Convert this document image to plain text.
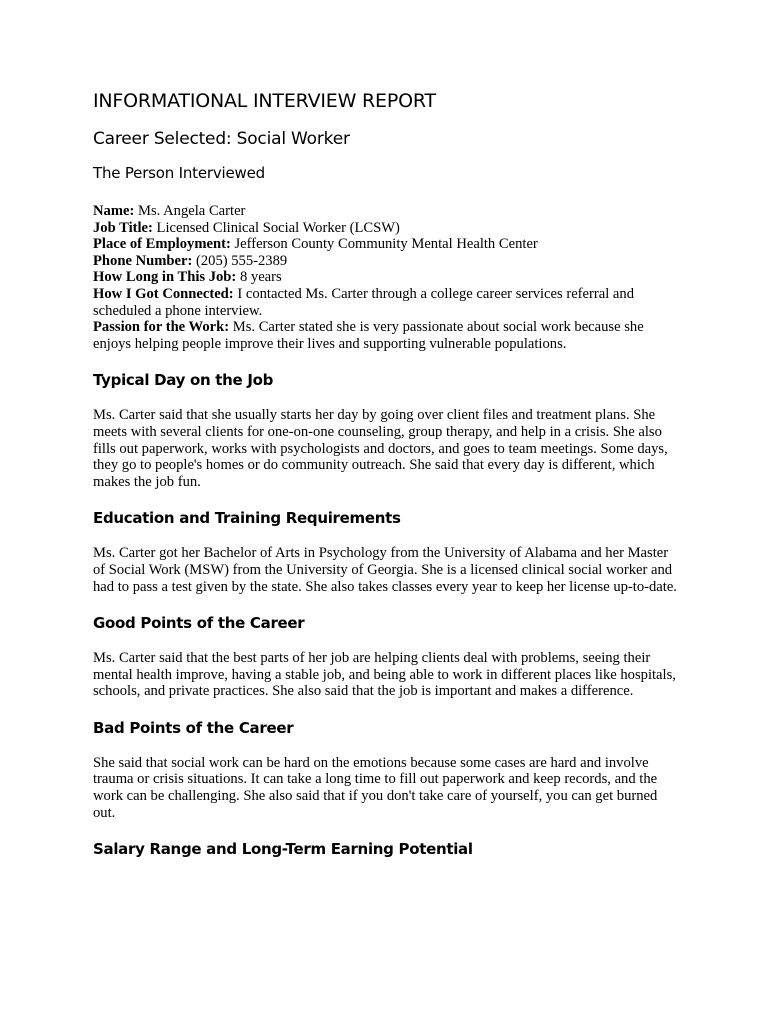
INFORMATIONAL INTERVIEW REPORT
Career Selected: Social Worker
The Person Interviewed
Name: Ms. Angela Carter
Job Title: Licensed Clinical Social Worker (LCSW)
Place of Employment: Jefferson County Community Mental Health Center
Phone Number: (205) 555-2389
How Long in This Job: 8 years
How I Got Connected: I contacted Ms. Carter through a college career services referral and scheduled a phone interview.
Passion for the Work: Ms. Carter stated she is very passionate about social work because she enjoys helping people improve their lives and supporting vulnerable populations.
Typical Day on the Job

Ms. Carter said that she usually starts her day by going over client files and treatment plans. She meets with several clients for one-on-one counseling, group therapy, and help in a crisis. She also fills out paperwork, works with psychologists and doctors, and goes to team meetings. Some days, they go to people's homes or do community outreach. She said that every day is different, which makes the job fun.

Education and Training Requirements

Ms. Carter got her Bachelor of Arts in Psychology from the University of Alabama and her Master of Social Work (MSW) from the University of Georgia. She is a licensed clinical social worker and had to pass a test given by the state. She also takes classes every year to keep her license up-to-date.

Good Points of the Career

Ms. Carter said that the best parts of her job are helping clients deal with problems, seeing their mental health improve, having a stable job, and being able to work in different places like hospitals, schools, and private practices. She also said that the job is important and makes a difference.

Bad Points of the Career

She said that social work can be hard on the emotions because some cases are hard and involve trauma or crisis situations. It can take a long time to fill out paperwork and keep records, and the work can be challenging. She also said that if you don't take care of yourself, you can get burned out.

Salary Range and Long-Term Earning Potential
